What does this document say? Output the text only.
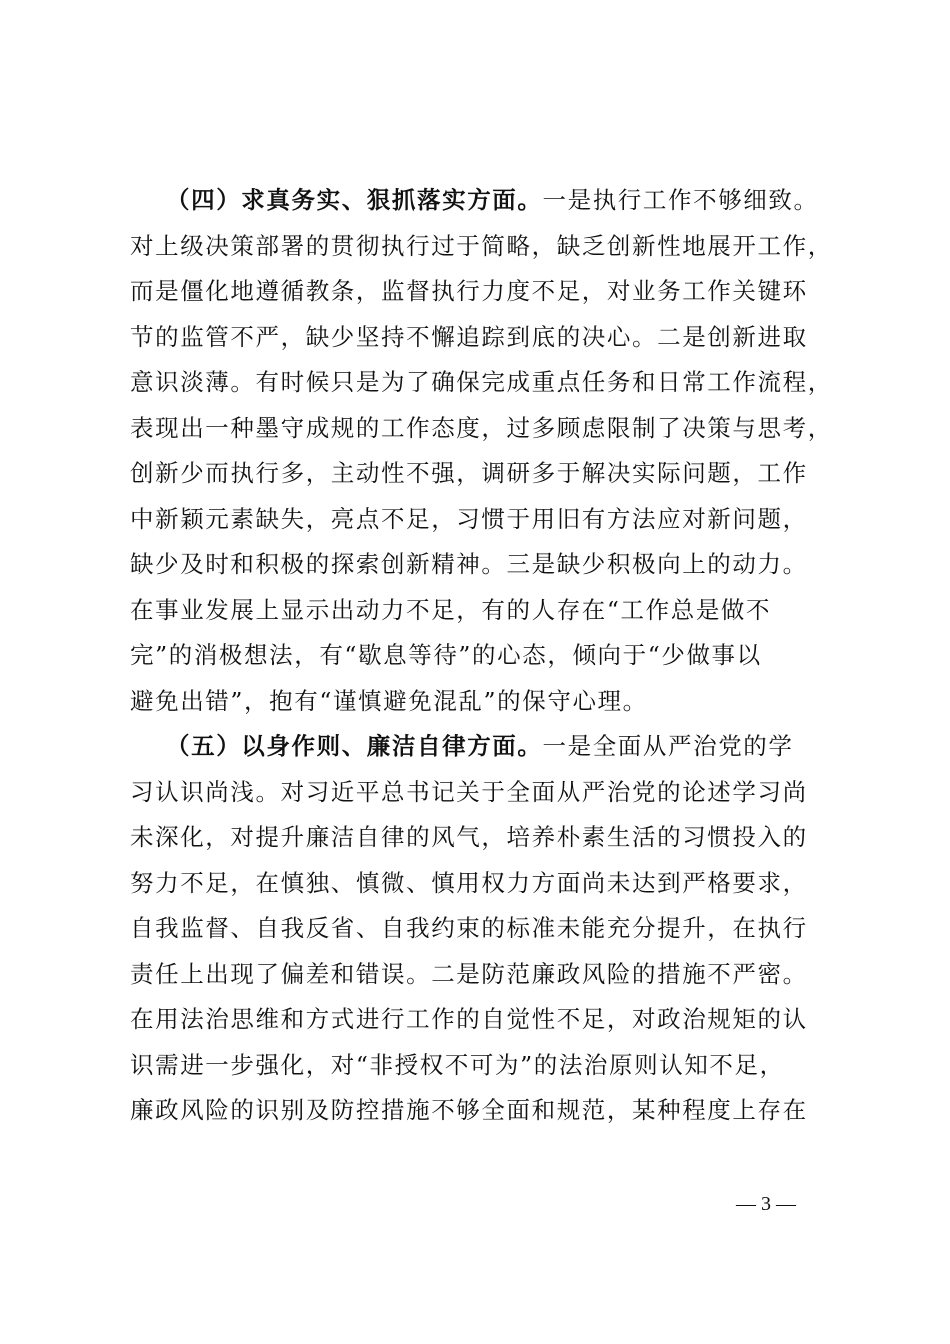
（四）求真务实、狠抓落实方面。一是执行工作不够细致。
对上级决策部署的贯彻执行过于简略，缺乏创新性地展开工作，
而是僵化地遵循教条，监督执行力度不足，对业务工作关键环
节的监管不严，缺少坚持不懈追踪到底的决心。二是创新进取
意识淡薄。有时候只是为了确保完成重点任务和日常工作流程，
表现出一种墨守成规的工作态度，过多顾虑限制了决策与思考，
创新少而执行多，主动性不强，调研多于解决实际问题，工作
中新颖元素缺失，亮点不足，习惯于用旧有方法应对新问题，
缺少及时和积极的探索创新精神。三是缺少积极向上的动力。
在事业发展上显示出动力不足，有的人存在“工作总是做不
完”的消极想法，有“歇息等待”的心态，倾向于“少做事以
避免出错”，抱有“谨慎避免混乱”的保守心理。
（五）以身作则、廉洁自律方面。一是全面从严治党的学
习认识尚浅。对习近平总书记关于全面从严治党的论述学习尚
未深化，对提升廉洁自律的风气，培养朴素生活的习惯投入的
努力不足，在慎独、慎微、慎用权力方面尚未达到严格要求，
自我监督、自我反省、自我约束的标准未能充分提升，在执行
责任上出现了偏差和错误。二是防范廉政风险的措施不严密。
在用法治思维和方式进行工作的自觉性不足，对政治规矩的认
识需进一步强化，对“非授权不可为”的法治原则认知不足，
廉政风险的识别及防控措施不够全面和规范，某种程度上存在
— 3 —
